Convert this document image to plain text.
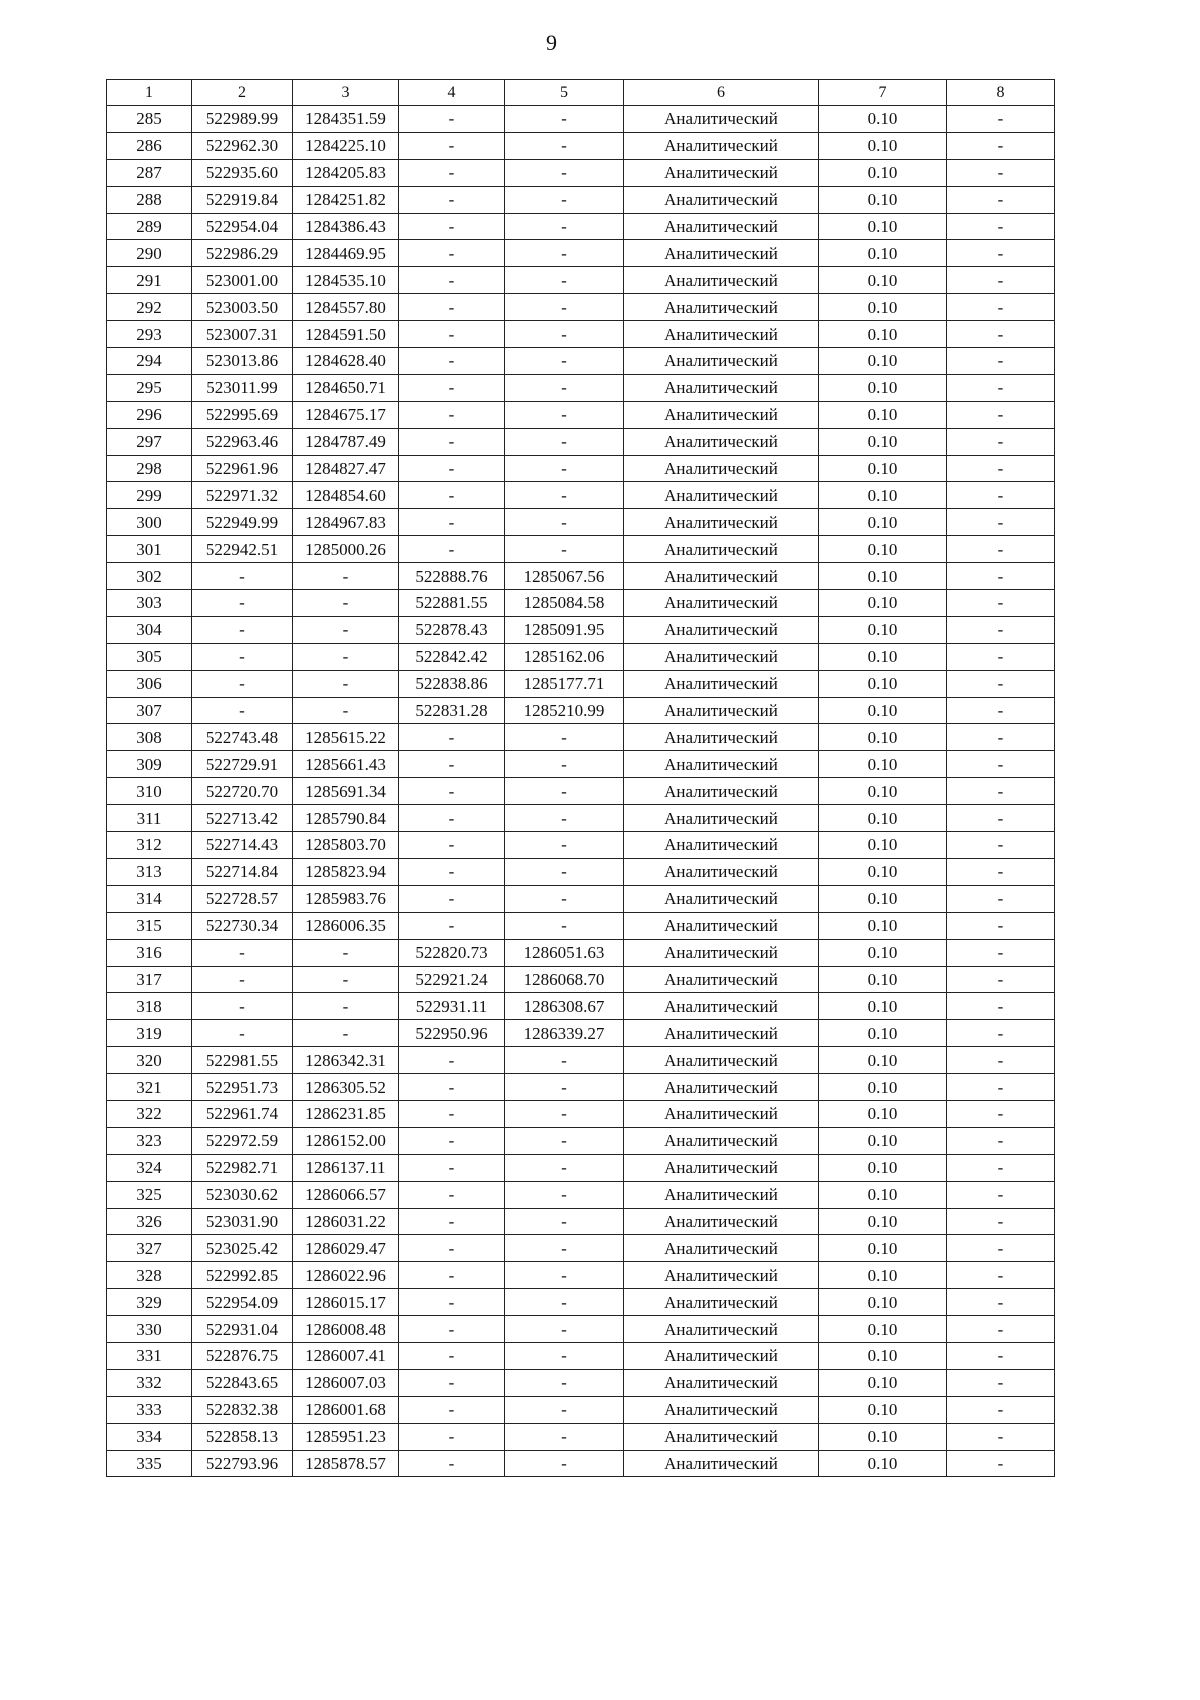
9
1	2	3	4	5	6	7	8
285	522989.99	1284351.59	-	-	Аналитический	0.10	-
286	522962.30	1284225.10	-	-	Аналитический	0.10	-
287	522935.60	1284205.83	-	-	Аналитический	0.10	-
288	522919.84	1284251.82	-	-	Аналитический	0.10	-
289	522954.04	1284386.43	-	-	Аналитический	0.10	-
290	522986.29	1284469.95	-	-	Аналитический	0.10	-
291	523001.00	1284535.10	-	-	Аналитический	0.10	-
292	523003.50	1284557.80	-	-	Аналитический	0.10	-
293	523007.31	1284591.50	-	-	Аналитический	0.10	-
294	523013.86	1284628.40	-	-	Аналитический	0.10	-
295	523011.99	1284650.71	-	-	Аналитический	0.10	-
296	522995.69	1284675.17	-	-	Аналитический	0.10	-
297	522963.46	1284787.49	-	-	Аналитический	0.10	-
298	522961.96	1284827.47	-	-	Аналитический	0.10	-
299	522971.32	1284854.60	-	-	Аналитический	0.10	-
300	522949.99	1284967.83	-	-	Аналитический	0.10	-
301	522942.51	1285000.26	-	-	Аналитический	0.10	-
302	-	-	522888.76	1285067.56	Аналитический	0.10	-
303	-	-	522881.55	1285084.58	Аналитический	0.10	-
304	-	-	522878.43	1285091.95	Аналитический	0.10	-
305	-	-	522842.42	1285162.06	Аналитический	0.10	-
306	-	-	522838.86	1285177.71	Аналитический	0.10	-
307	-	-	522831.28	1285210.99	Аналитический	0.10	-
308	522743.48	1285615.22	-	-	Аналитический	0.10	-
309	522729.91	1285661.43	-	-	Аналитический	0.10	-
310	522720.70	1285691.34	-	-	Аналитический	0.10	-
311	522713.42	1285790.84	-	-	Аналитический	0.10	-
312	522714.43	1285803.70	-	-	Аналитический	0.10	-
313	522714.84	1285823.94	-	-	Аналитический	0.10	-
314	522728.57	1285983.76	-	-	Аналитический	0.10	-
315	522730.34	1286006.35	-	-	Аналитический	0.10	-
316	-	-	522820.73	1286051.63	Аналитический	0.10	-
317	-	-	522921.24	1286068.70	Аналитический	0.10	-
318	-	-	522931.11	1286308.67	Аналитический	0.10	-
319	-	-	522950.96	1286339.27	Аналитический	0.10	-
320	522981.55	1286342.31	-	-	Аналитический	0.10	-
321	522951.73	1286305.52	-	-	Аналитический	0.10	-
322	522961.74	1286231.85	-	-	Аналитический	0.10	-
323	522972.59	1286152.00	-	-	Аналитический	0.10	-
324	522982.71	1286137.11	-	-	Аналитический	0.10	-
325	523030.62	1286066.57	-	-	Аналитический	0.10	-
326	523031.90	1286031.22	-	-	Аналитический	0.10	-
327	523025.42	1286029.47	-	-	Аналитический	0.10	-
328	522992.85	1286022.96	-	-	Аналитический	0.10	-
329	522954.09	1286015.17	-	-	Аналитический	0.10	-
330	522931.04	1286008.48	-	-	Аналитический	0.10	-
331	522876.75	1286007.41	-	-	Аналитический	0.10	-
332	522843.65	1286007.03	-	-	Аналитический	0.10	-
333	522832.38	1286001.68	-	-	Аналитический	0.10	-
334	522858.13	1285951.23	-	-	Аналитический	0.10	-
335	522793.96	1285878.57	-	-	Аналитический	0.10	-
